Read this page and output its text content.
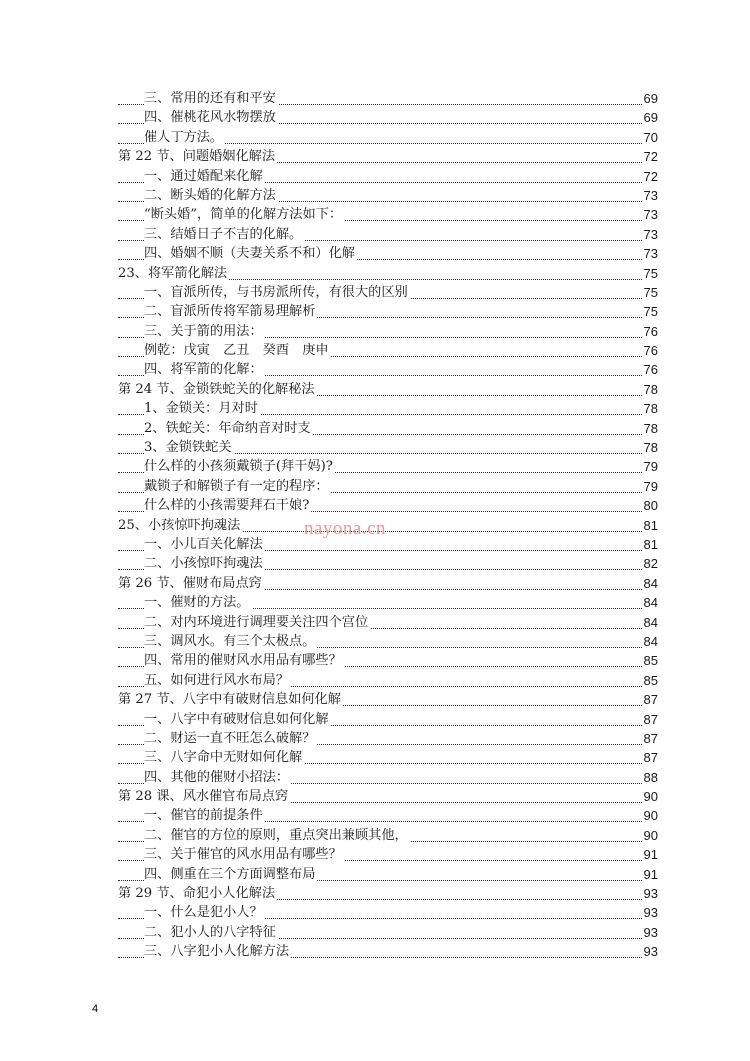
三、常用的还有和平安	69
四、催桃花风水物摆放	69
催人丁方法。	70
第 22 节、问题婚姻化解法	72
一、通过婚配来化解	72
二、断头婚的化解方法	73
“断头婚”，简单的化解方法如下：	73
三、结婚日子不吉的化解。	73
四、婚姻不顺（夫妻关系不和）化解	73
23、将军箭化解法	75
一、盲派所传，与书房派所传，有很大的区别	75
二、盲派所传将军箭易理解析	75
三、关于箭的用法：	76
例乾：戊寅　乙丑　癸酉　庚申	76
四、将军箭的化解：	76
第 24 节、金锁铁蛇关的化解秘法	78
1、金锁关：月对时	78
2、铁蛇关：年命纳音对时支	78
3、金锁铁蛇关	78
什么样的小孩须戴锁子(拜干妈)?	79
戴锁子和解锁子有一定的程序：	79
什么样的小孩需要拜石干娘?	80
25、小孩惊吓拘魂法	81
一、小儿百关化解法	81
二、小孩惊吓拘魂法	82
第 26 节、催财布局点窍	84
一、催财的方法。	84
二、对内环境进行调理要关注四个宫位	84
三、调风水。有三个太极点。	84
四、常用的催财风水用品有哪些？	85
五、如何进行风水布局？	85
第 27 节、八字中有破财信息如何化解	87
一、八字中有破财信息如何化解	87
二、财运一直不旺怎么破解？	87
三、八字命中无财如何化解	87
四、其他的催财小招法：	88
第 28 课、风水催官布局点窍	90
一、催官的前提条件	90
二、催官的方位的原则，重点突出兼顾其他，	90
三、关于催官的风水用品有哪些？	91
四、侧重在三个方面调整布局	91
第 29 节、命犯小人化解法	93
一、什么是犯小人？	93
二、犯小人的八字特征	93
三、八字犯小人化解方法	93
nayona.cn
4
